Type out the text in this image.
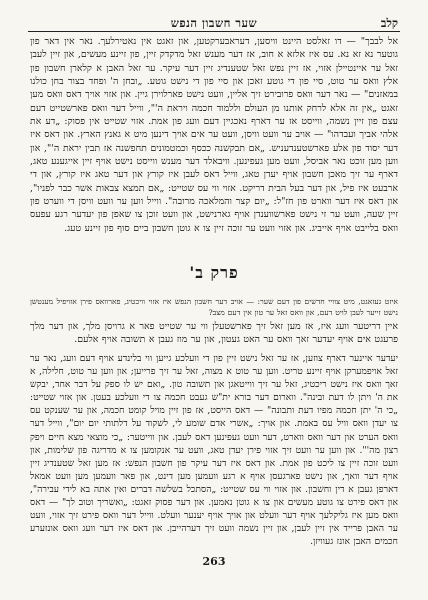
קלב
שער חשבון הנפש

אל לבבך" — דו זאלסט היינט וויסען, דעראבערקטען, און זאגט אין נאטירלעך. נאר אין דאר פון גוטער נא זא נא. עס איז אלזא א חוב, אז דער מענש זאל מדקדק זיין, פון זיינע מעשים, און זיין לעבן זאל ער איינטיילן אזוי, אז זיין נפש זאל שטענדיג זיין דער עיקר. ער זאל האבן א קלארן חשבון פון אלץ וואס ער טוט, סיי פון די גוטע זאכן און סיי פון די נישט גוטע. „ובחן ה' ופחד בצור בחן כולנו במאזנים" — נאר דער וואס פרובירט זיך אליין, וועט נישט פארלוירן גיין. און אזוי אויך דאס וואס מען זאגט „אין זה אלא לרחק אותנו מן העולם וללמוד חכמה ויראת ה'", ווייל דער וואס פארשטייט דעם עצם פון זיין נשמה, ווייסט אז ער דארף נאכגיין דעם וועג פון אמת. אזוי שטייט אין פסוק: „דע את אלהי אביך ועבדהו" — אויב ער וועט וויסן, וועט ער אים אויך דינען מיט א גאנץ הארץ. און דאס איז דער יסוד פון אלע פארשטענדעניש. „אם תבקשנה ככסף וכמטמונים תחפשנה אז תבין יראת ה'", און ווען מען זוכט נאר אביסל, וועט מען געפינען. וויבאלד דער מענש ווייסט נישט אויף זיין אייגענע טאג, דארף ער זיך מאכן חשבון אויף יעדן טאג, ווייל דאס לעבן איז קורץ און דער טאג איז קורץ, און די ארבעט איז פיל, און דער בעל הבית דריקט. אזוי ווי עס שטייט: „אם תמצא צבאות אשר כבר לפניו", און דאס איז דער ווארט פון חז"ל: „יום קצר והמלאכה מרובה". ווייל ווען ער וועט וויסן די ווערט פון זיין שעה, וועט ער זי נישט פארשווענדן אויף גארנישט, און וועט זוכן צו שאפן פון יעדער רגע עפעס וואס בלייבט אויף אייביג. און אזוי וועט ער זוכה זיין צו א גוטן חשבון ביים סוף פון זיינע טעג.

פרק ב'

איזט געזאגט, מיט צוויי חדשים פון דעם שער: — אויב דער חשבון הנפש איז אזוי וויכטיג, פארוואס פירן אזויפיל מענטשן נישט זייער לעבן לויט דעם, און וואס זאל ער טון אין דעם מצב?

איין דריטער וועג איז, אז מען זאל זיך פארשטעלן ווי ער שטייט פאר א גרויסן מלך, און דער מלך פרעגט אים אויף יעדער זאך וואס ער האט געטון, און ער מוז געבן א תשובה אויף אלעם.

יעדער איינער דארף צוזען, אז ער זאל נישט זיין פון די וועלכע גייען ווי בלינדע אויף דעם וועג, נאר ער זאל אויפמערקן אויף זיינע טריט. ווען ער טוט א מצוה, זאל ער זיך פרייען; און ווען ער טוט, חלילה, א זאך וואס איז נישט ריכטיג, זאל ער זיך ווייטאגן און תשובה טון. „ואם יש לו ספק על דבר אחד, יבקש את ה' ויתן לו דעת ובינה". ווארום דער בורא ית"ש געבט חכמה צו די וועלכע בעטן. און אזוי שטייט: „כי ה' יתן חכמה מפיו דעת ותבונה" — דאס הייסט, אז פון זיין מויל קומט חכמה, און ער שענקט עס צו יעדן וואס וויל עס באמת. און אויך: „אשרי אדם שומע לי, לשקוד על דלתותי יום יום", ווייל דער וואס הערט און דער וואס ווארט, דער וועט געפינען דאס לעבן. און ווייטער: „כי מוצאי מצא חיים ויפק רצון מה'". און ווען ער וועט זיך אזוי פירן יעדן טאג, וועט ער אנקומען צו א מדריגה פון שלימות, און וועט זוכה זיין צו ליכט פון אמת. און דאס איז דער עיקר פון חשבון הנפש: אז מען זאל שטענדיג זיין אויף דער וואך, און נישט פארגעסן אויף א רגע וועמען מען דינט, און פאר וועמען מען וועט אמאל דארפן געבן א דין וחשבון. און אזוי ווי עס שטייט: „הסתכל בשלשה דברים ואין אתה בא לידי עבירה", און דאס פירט צו גוטע מעשים און צו א גוטן נאמען. און דער פסוק זאגט: „ואשריך וטוב לך" — דאס וואס מען איז גליקלעך אויף דער וועלט און אויך אויף יענער וועלט. ווייל דער וואס פירט זיך אזוי, וועט ער האבן פרייד אין זיין לעבן, און זיין נשמה וועט זיך דערהייבן. און דאס איז דער וועג וואס אונזערע חכמים האבן אונז געוויזן.

263
